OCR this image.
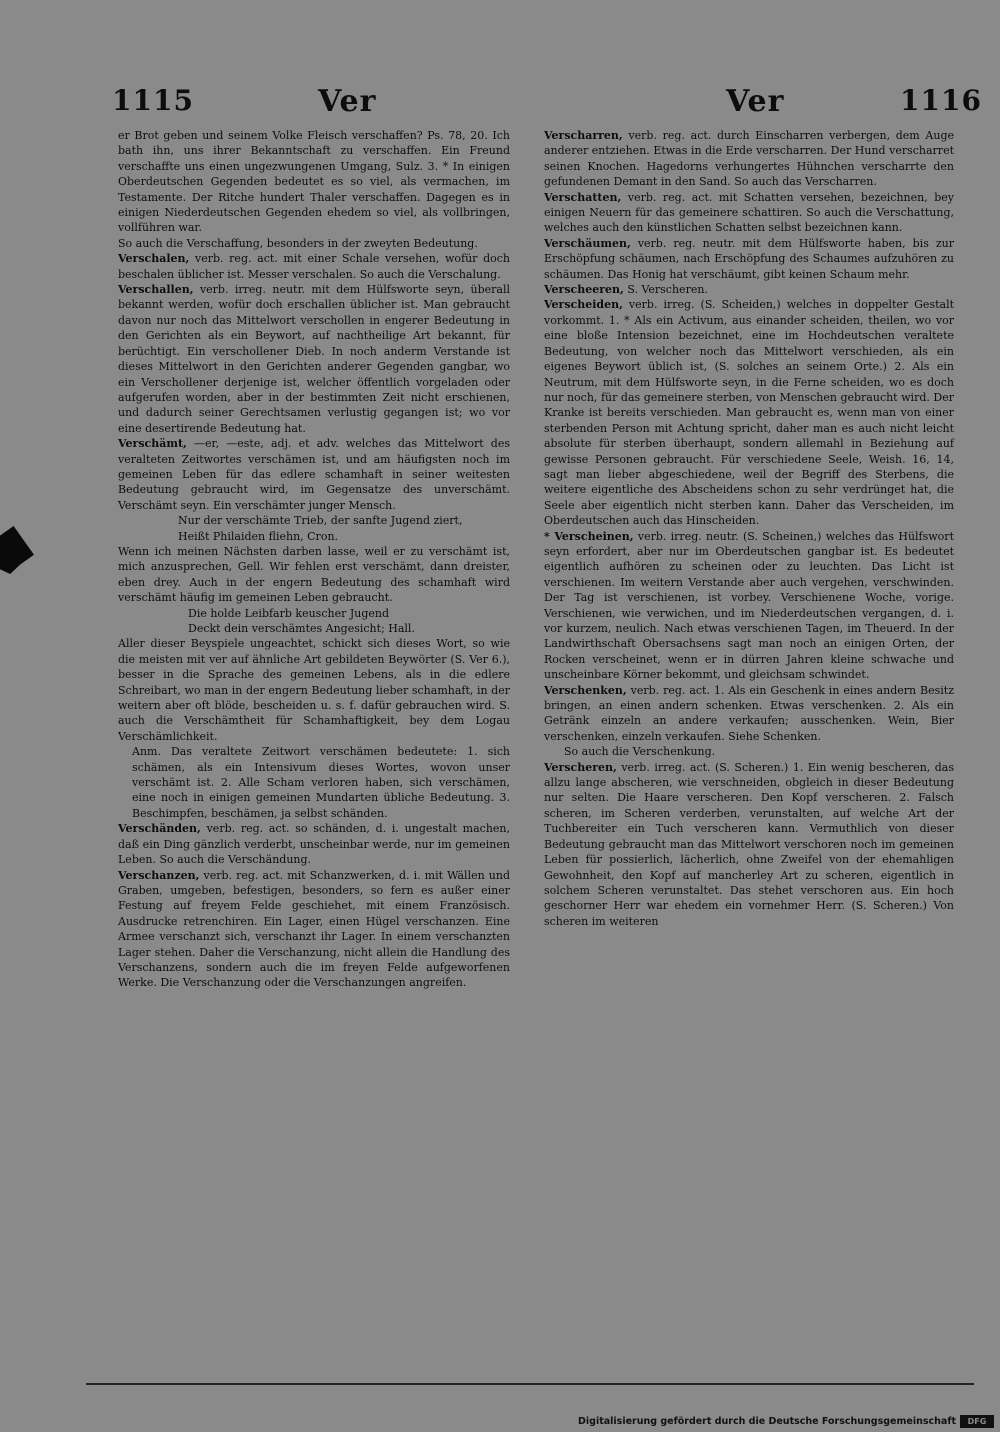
1115	Ver	Ver	1116

er Brot geben und seinem Volke Fleisch verschaffen? Ps. 78, 20. Ich bath ihn, uns ihrer Bekanntschaft zu verschaffen. Ein Freund verschaffte uns einen ungezwungenen Umgang, Sulz. 3. * In einigen Oberdeutschen Gegenden bedeutet es so viel, als vermachen, im Testamente. Der Ritche hundert Thaler verschaffen. Dagegen es in einigen Niederdeutschen Gegenden ehedem so viel, als vollbringen, vollführen war.

So auch die Verschaffung, besonders in der zweyten Bedeutung.

Verschalen, verb. reg. act. mit einer Schale versehen, wofür doch beschalen üblicher ist. Messer verschalen. So auch die Verschalung.

Verschallen, verb. irreg. neutr. mit dem Hülfsworte seyn, überall bekannt werden, wofür doch erschallen üblicher ist. Man gebraucht davon nur noch das Mittelwort verschollen in engerer Bedeutung in den Gerichten als ein Beywort, auf nachtheilige Art bekannt, für berüchtigt. Ein verschollener Dieb. In noch anderm Verstande ist dieses Mittelwort in den Gerichten anderer Gegenden gangbar, wo ein Verschollener derjenige ist, welcher öffentlich vorgeladen oder aufgerufen worden, aber in der bestimmten Zeit nicht erschienen, und dadurch seiner Gerechtsamen verlustig gegangen ist; wo vor eine desertirende Bedeutung hat.

Verschämt, —er, —este, adj. et adv. welches das Mittelwort des veralteten Zeitwortes verschämen ist, und am häufigsten noch im gemeinen Leben für das edlere schamhaft in seiner weitesten Bedeutung gebraucht wird, im Gegensatze des unverschämt. Verschämt seyn. Ein verschämter junger Mensch.

Nur der verschämte Trieb, der sanfte Jugend ziert,

Heißt Philaiden fliehn, Cron.

Wenn ich meinen Nächsten darben lasse, weil er zu verschämt ist, mich anzusprechen, Gell. Wir fehlen erst verschämt, dann dreister, eben drey. Auch in der engern Bedeutung des schamhaft wird verschämt häufig im gemeinen Leben gebraucht.

Die holde Leibfarb keuscher Jugend

Deckt dein verschämtes Angesicht; Hall.

Aller dieser Beyspiele ungeachtet, schickt sich dieses Wort, so wie die meisten mit ver auf ähnliche Art gebildeten Beywörter (S. Ver 6.), besser in die Sprache des gemeinen Lebens, als in die edlere Schreibart, wo man in der engern Bedeutung lieber schamhaft, in der weitern aber oft blöde, bescheiden u. s. f. dafür gebrauchen wird. S. auch die Verschämtheit für Schamhaftigkeit, bey dem Logau Verschämlichkeit.

Anm. Das veraltete Zeitwort verschämen bedeutete: 1. sich schämen, als ein Intensivum dieses Wortes, wovon unser verschämt ist. 2. Alle Scham verloren haben, sich verschämen, eine noch in einigen gemeinen Mundarten übliche Bedeutung. 3. Beschimpfen, beschämen, ja selbst schänden.

Verschänden, verb. reg. act. so schänden, d. i. ungestalt machen, daß ein Ding gänzlich verderbt, unscheinbar werde, nur im gemeinen Leben. So auch die Verschändung.

Verschanzen, verb. reg. act. mit Schanzwerken, d. i. mit Wällen und Graben, umgeben, befestigen, besonders, so fern es außer einer Festung auf freyem Felde geschiehet, mit einem Französisch. Ausdrucke retrenchiren. Ein Lager, einen Hügel verschanzen. Eine Armee verschanzt sich, verschanzt ihr Lager. In einem verschanzten Lager stehen. Daher die Verschanzung, nicht allein die Handlung des Verschanzens, sondern auch die im freyen Felde aufgeworfenen Werke. Die Verschanzung oder die Verschanzungen angreifen.

Verscharren, verb. reg. act. durch Einscharren verbergen, dem Auge anderer entziehen. Etwas in die Erde verscharren. Der Hund verscharret seinen Knochen. Hagedorns verhungertes Hühnchen verscharrte den gefundenen Demant in den Sand. So auch das Verscharren.

Verschatten, verb. reg. act. mit Schatten versehen, bezeichnen, bey einigen Neuern für das gemeinere schattiren. So auch die Verschattung, welches auch den künstlichen Schatten selbst bezeichnen kann.

Verschäumen, verb. reg. neutr. mit dem Hülfsworte haben, bis zur Erschöpfung schäumen, nach Erschöpfung des Schaumes aufzuhören zu schäumen. Das Honig hat verschäumt, gibt keinen Schaum mehr.

Verscheeren, S. Verscheren.

Verscheiden, verb. irreg. (S. Scheiden,) welches in doppelter Gestalt vorkommt. 1. * Als ein Activum, aus einander scheiden, theilen, wo vor eine bloße Intension bezeichnet, eine im Hochdeutschen veraltete Bedeutung, von welcher noch das Mittelwort verschieden, als ein eigenes Beywort üblich ist, (S. solches an seinem Orte.) 2. Als ein Neutrum, mit dem Hülfsworte seyn, in die Ferne scheiden, wo es doch nur noch, für das gemeinere sterben, von Menschen gebraucht wird. Der Kranke ist bereits verschieden. Man gebraucht es, wenn man von einer sterbenden Person mit Achtung spricht, daher man es auch nicht leicht absolute für sterben überhaupt, sondern allemahl in Beziehung auf gewisse Personen gebraucht. Für verschiedene Seele, Weish. 16, 14, sagt man lieber abgeschiedene, weil der Begriff des Sterbens, die weitere eigentliche des Abscheidens schon zu sehr verdrünget hat, die Seele aber eigentlich nicht sterben kann. Daher das Verscheiden, im Oberdeutschen auch das Hinscheiden.

* Verscheinen, verb. irreg. neutr. (S. Scheinen,) welches das Hülfswort seyn erfordert, aber nur im Oberdeutschen gangbar ist. Es bedeutet eigentlich aufhören zu scheinen oder zu leuchten. Das Licht ist verschienen. Im weitern Verstande aber auch vergehen, verschwinden. Der Tag ist verschienen, ist vorbey. Verschienene Woche, vorige. Verschienen, wie verwichen, und im Niederdeutschen vergangen, d. i. vor kurzem, neulich. Nach etwas verschienen Tagen, im Theuerd. In der Landwirthschaft Obersachsens sagt man noch an einigen Orten, der Rocken verscheinet, wenn er in dürren Jahren kleine schwache und unscheinbare Körner bekommt, und gleichsam schwindet.

Verschenken, verb. reg. act. 1. Als ein Geschenk in eines andern Besitz bringen, an einen andern schenken. Etwas verschenken. 2. Als ein Getränk einzeln an andere verkaufen; ausschenken. Wein, Bier verschenken, einzeln verkaufen. Siehe Schenken.

So auch die Verschenkung.

Verscheren, verb. irreg. act. (S. Scheren.) 1. Ein wenig bescheren, das allzu lange abscheren, wie verschneiden, obgleich in dieser Bedeutung nur selten. Die Haare verscheren. Den Kopf verscheren. 2. Falsch scheren, im Scheren verderben, verunstalten, auf welche Art der Tuchbereiter ein Tuch verscheren kann. Vermuthlich von dieser Bedeutung gebraucht man das Mittelwort verschoren noch im gemeinen Leben für possierlich, lächerlich, ohne Zweifel von der ehemahligen Gewohnheit, den Kopf auf mancherley Art zu scheren, eigentlich in solchem Scheren verunstaltet. Das stehet verschoren aus. Ein hoch geschorner Herr war ehedem ein vornehmer Herr. (S. Scheren.) Von scheren im weiteren

Digitalisierung gefördert durch die Deutsche Forschungsgemeinschaft	DFG
